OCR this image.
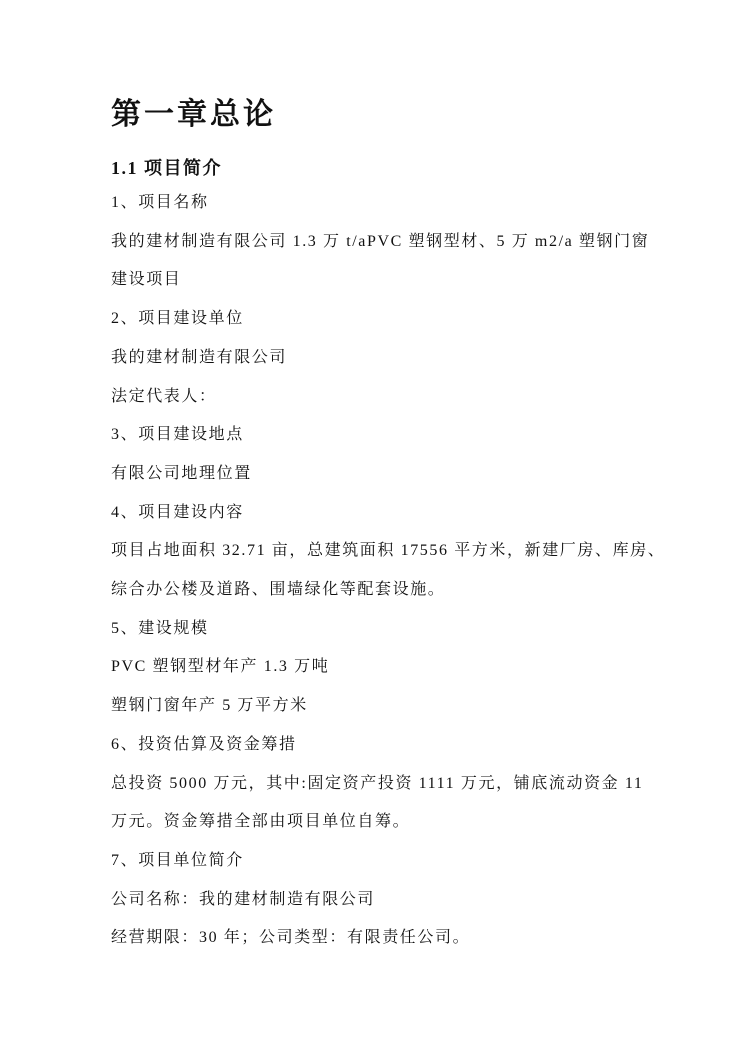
第一章总论
1.1 项目简介

1、项目名称

我的建材制造有限公司 1.3 万 t/aPVC 塑钢型材、5 万 m2/a 塑钢门窗

建设项目

2、项目建设单位

我的建材制造有限公司

法定代表人：

3、项目建设地点

有限公司地理位置

4、项目建设内容

项目占地面积 32.71 亩，总建筑面积 17556 平方米，新建厂房、库房、

综合办公楼及道路、围墙绿化等配套设施。

5、建设规模

PVC 塑钢型材年产 1.3 万吨

塑钢门窗年产 5 万平方米

6、投资估算及资金筹措

总投资 5000 万元，其中:固定资产投资 1111 万元，铺底流动资金 11

万元。资金筹措全部由项目单位自筹。

7、项目单位简介

公司名称：我的建材制造有限公司

经营期限：30 年；公司类型：有限责任公司。
